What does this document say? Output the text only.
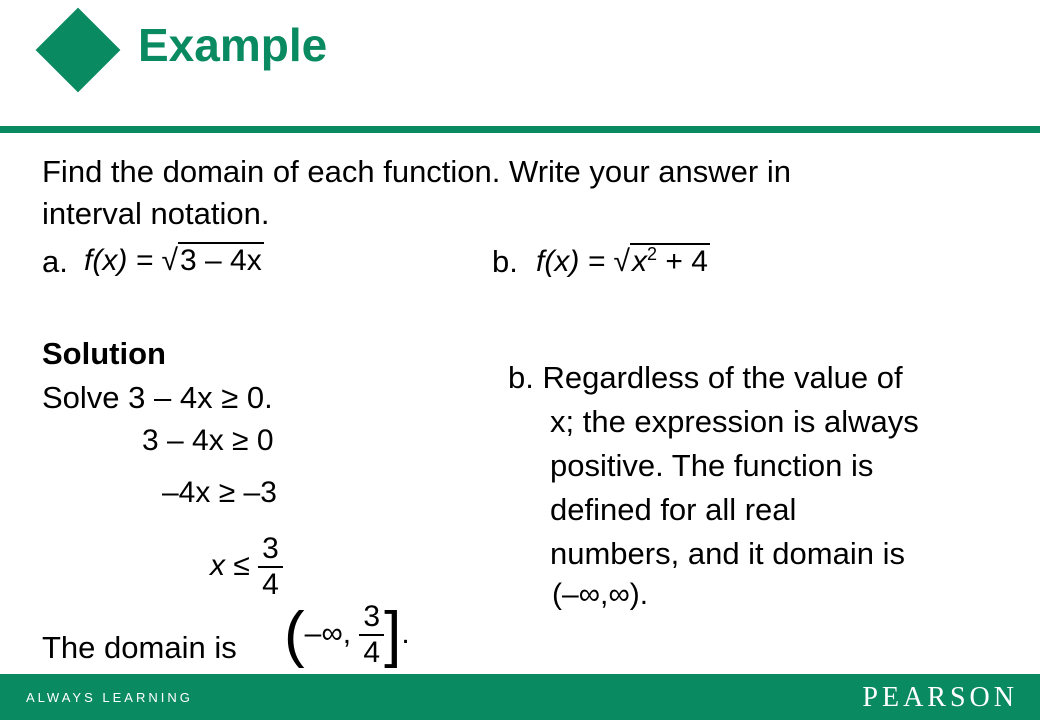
Example
Find the domain of each function. Write your answer in
interval notation.
a. f(x) = √3 – 4x	b. $f(x) = √x^2 + 4$
Solution
Solve 3 – 4x ≥ 0.
3 – 4x ≥ 0
–4x ≥ –3
$x \le \frac{3}{4}$
The domain is (–∞, $\frac{3}{4}$ ].
b. Regardless of the value of
x; the expression is always
positive. The function is
defined for all real
numbers, and it domain is
(–∞,∞).
ALWAYS LEARNING	PEARSON
